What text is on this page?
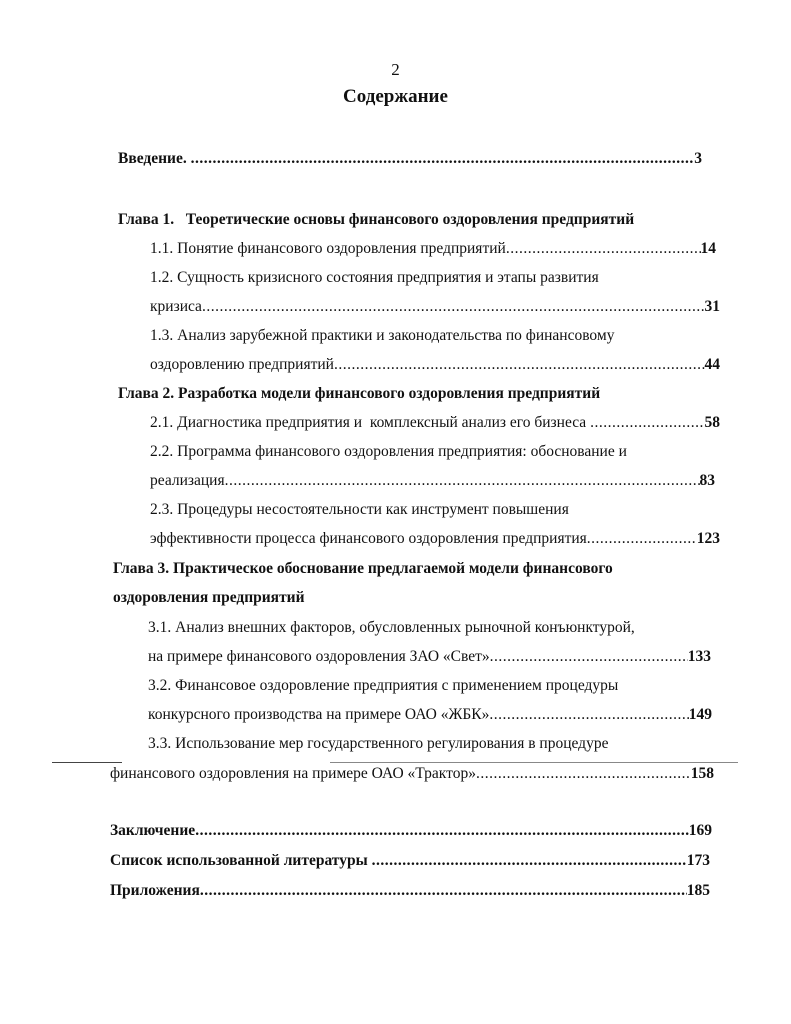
2
Содержание
Введение. .....	3
Глава 1.   Теоретические основы финансового оздоровления предприятий
1.1. Понятие финансового оздоровления предприятий .....	14
1.2. Сущность кризисного состояния предприятия и этапы развития
кризиса .....	31
1.3. Анализ зарубежной практики и законодательства по финансовому
оздоровлению предприятий .....	44
Глава 2. Разработка модели финансового оздоровления предприятий
2.1. Диагностика предприятия и  комплексный анализ его бизнеса .....	58
2.2. Программа финансового оздоровления предприятия: обоснование и
реализация .....	83
2.3. Процедуры несостоятельности как инструмент повышения
эффективности процесса финансового оздоровления предприятия .....	123
Глава 3. Практическое обоснование предлагаемой модели финансового
оздоровления предприятий
3.1. Анализ внешних факторов, обусловленных рыночной конъюнктурой,
на примере финансового оздоровления ЗАО «Свет» .....	133
3.2. Финансовое оздоровление предприятия с применением процедуры
конкурсного производства на примере ОАО «ЖБК» .....	149
3.3. Использование мер государственного регулирования в процедуре
финансового оздоровления на примере ОАО «Трактор» .....	158
Заключение .....	169
Список использованной литературы .....	173
Приложения .....	185
